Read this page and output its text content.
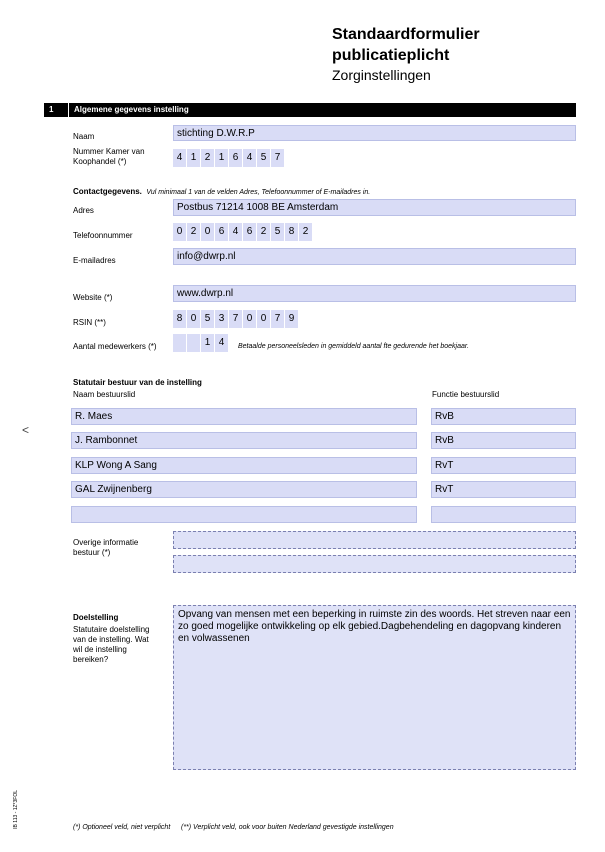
Standaardformulier publicatieplicht
Zorginstellingen
1	Algemene gegevens instelling
Naam	stichting D.W.R.P
Nummer Kamer van Koophandel (*)	4 1 2 1 6 4 5 7
Contactgegevens. Vul minimaal 1 van de velden Adres, Telefoonnummer of E-mailadres in.
Adres	Postbus 71214 1008 BE Amsterdam
Telefoonnummer	0 2 0 6 4 6 2 5 8 2
E-mailadres	info@dwrp.nl
Website (*)	www.dwrp.nl
RSIN (**)	8 0 5 3 7 0 0 7 9
Aantal medewerkers (*)	1 4	Betaalde personeelsleden in gemiddeld aantal fte gedurende het boekjaar.
Statutair bestuur van de instelling
Naam bestuurslid	Functie bestuurslid
R. Maes	RvB
J. Rambonnet	RvB
KLP Wong A Sang	RvT
GAL Zwijnenberg	RvT
Overige informatie bestuur (*)
Doelstelling
Statutaire doelstelling van de instelling. Wat wil de instelling bereiken?
Opvang van mensen met een beperking in ruimste zin des woords. Het streven naar een zo goed mogelijke ontwikkeling op elk gebied.Dagbehendeling en dagopvang kinderen en volwassenen
<
IB 113 - 1Z*3FOL	(*) Optioneel veld, niet verplicht (**) Verplicht veld, ook voor buiten Nederland gevestigde instellingen
